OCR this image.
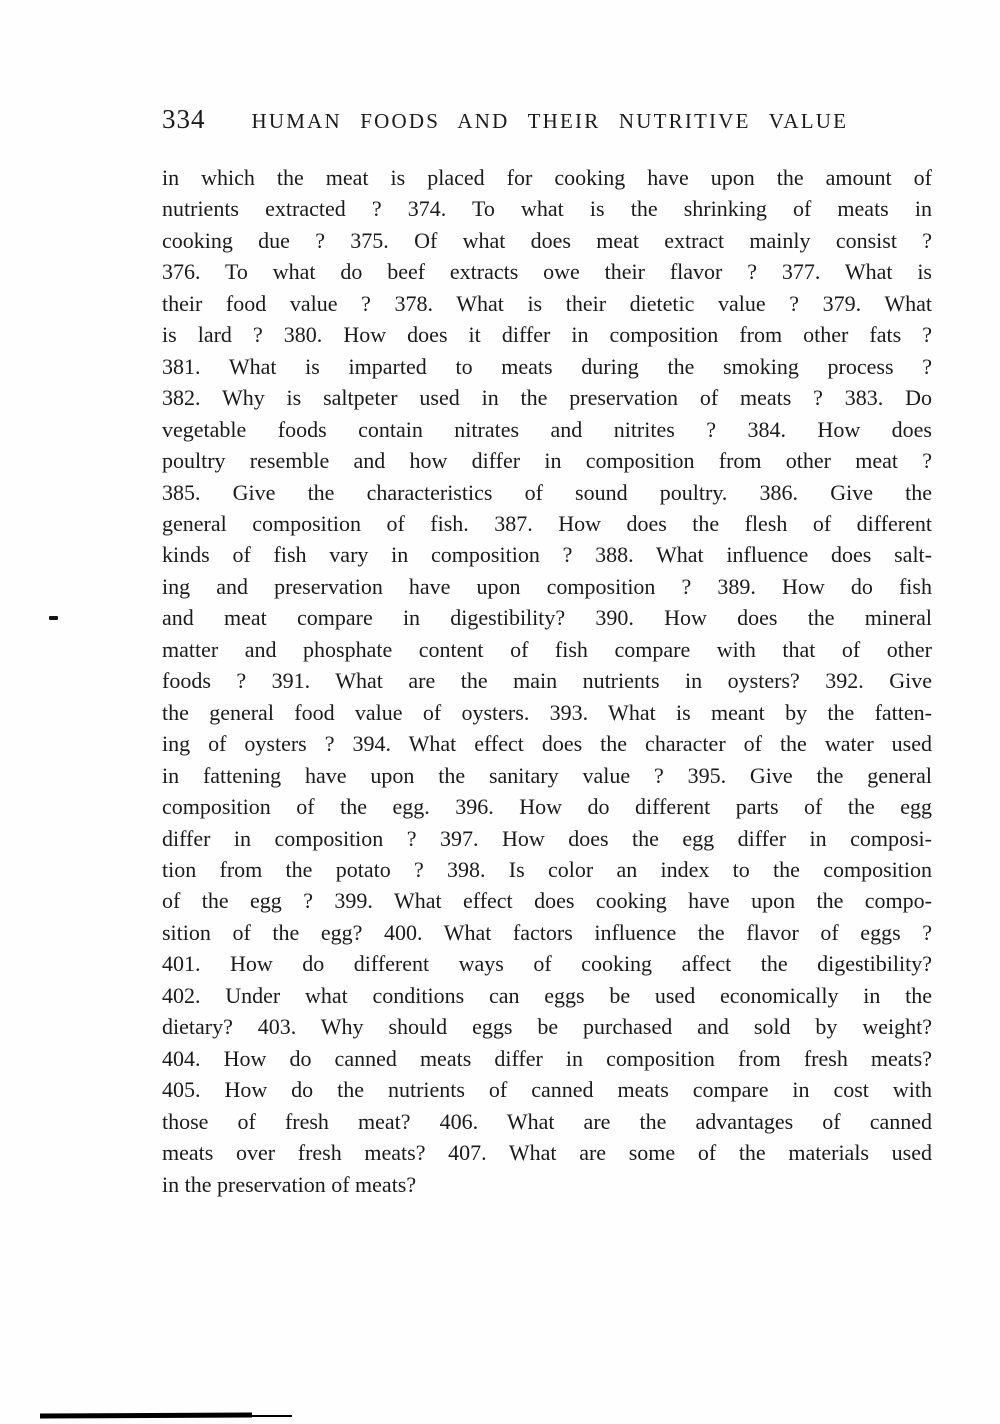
334 HUMAN FOODS AND THEIR NUTRITIVE VALUE
in which the meat is placed for cooking have upon the amount of
nutrients extracted ? 374. To what is the shrinking of meats in
cooking due ? 375. Of what does meat extract mainly consist ?
376. To what do beef extracts owe their flavor ? 377. What is
their food value ? 378. What is their dietetic value ? 379. What
is lard ? 380. How does it differ in composition from other fats ?
381. What is imparted to meats during the smoking process ?
382. Why is saltpeter used in the preservation of meats ? 383. Do
vegetable foods contain nitrates and nitrites ? 384. How does
poultry resemble and how differ in composition from other meat ?
385. Give the characteristics of sound poultry. 386. Give the
general composition of fish. 387. How does the flesh of different
kinds of fish vary in composition ? 388. What influence does salt-
ing and preservation have upon composition ? 389. How do fish
and meat compare in digestibility? 390. How does the mineral
matter and phosphate content of fish compare with that of other
foods ? 391. What are the main nutrients in oysters? 392. Give
the general food value of oysters. 393. What is meant by the fatten-
ing of oysters ? 394. What effect does the character of the water used
in fattening have upon the sanitary value ? 395. Give the general
composition of the egg. 396. How do different parts of the egg
differ in composition ? 397. How does the egg differ in composi-
tion from the potato ? 398. Is color an index to the composition
of the egg ? 399. What effect does cooking have upon the compo-
sition of the egg? 400. What factors influence the flavor of eggs ?
401. How do different ways of cooking affect the digestibility?
402. Under what conditions can eggs be used economically in the
dietary? 403. Why should eggs be purchased and sold by weight?
404. How do canned meats differ in composition from fresh meats?
405. How do the nutrients of canned meats compare in cost with
those of fresh meat? 406. What are the advantages of canned
meats over fresh meats? 407. What are some of the materials used
in the preservation of meats?
